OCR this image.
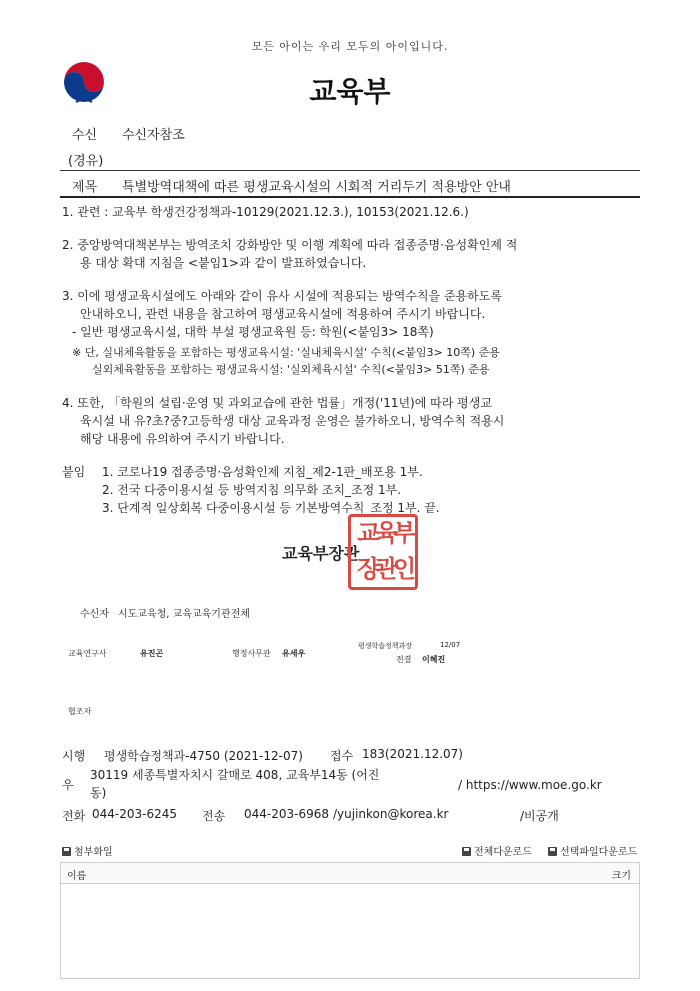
모든 아이는 우리 모두의 아이입니다.
교육부
수신 수신자참조
(경유)
제목 특별방역대책에 따른 평생교육시설의 시회적 거리두기 적용방안 안내
1. 관련 : 교육부 학생건강정책과-10129(2021.12.3.), 10153(2021.12.6.)
2. 중앙방역대책본부는 방역조치 강화방안 및 이행 계획에 따라 접종증명·음성확인제 적
용 대상 확대 지침을 <붙임1>과 같이 발표하였습니다.
3. 이에 평생교육시설에도 아래와 같이 유사 시설에 적용되는 방역수칙을 준용하도록
안내하오니, 관련 내용을 참고하여 평생교육시설에 적용하여 주시기 바랍니다.
- 일반 평생교육시설, 대학 부설 평생교육원 등: 학원(<붙임3> 18쪽)
※ 단, 실내체육활동을 포함하는 평생교육시설: '실내체육시설' 수칙(<붙임3> 10쪽) 준용
실외체육활동을 포함하는 평생교육시설: '실외체육시설' 수칙(<붙임3> 51쪽) 준용
4. 또한, 「학원의 설립·운영 및 과외교습에 관한 법률」개정('11년)에 따라 평생교
육시설 내 유?초?중?고등학생 대상 교육과정 운영은 불가하오니, 방역수칙 적용시
해당 내용에 유의하여 주시기 바랍니다.
붙임 1. 코로나19 접종증명·음성확인제 지침_제2-1판_배포용 1부.
2. 전국 다중이용시설 등 방역지침 의무화 조치_조정 1부.
3. 단계적 일상회복 다중이용시설 등 기본방역수칙_조정 1부. 끝.
교육부장관
교
육
부
장
관
인
수신자 시도교육청, 교육교육기관전체
교육연구사	유진곤	행정사무관 유세우
평생학습정책과장	12/07
전결 이혜진
협조자
시행 평생학습정책과-4750 (2021-12-07) 접수 183(2021.12.07)
우
30119 세종특별자치시 갈매로 408, 교육부14동 (어진
동)
/ https://www.moe.go.kr
전화 044-203-6245 전송 044-203-6968 /yujinkon@korea.kr	/비공개
첨부화일	전체다운로드	선택파일다운로드
이름	크기
